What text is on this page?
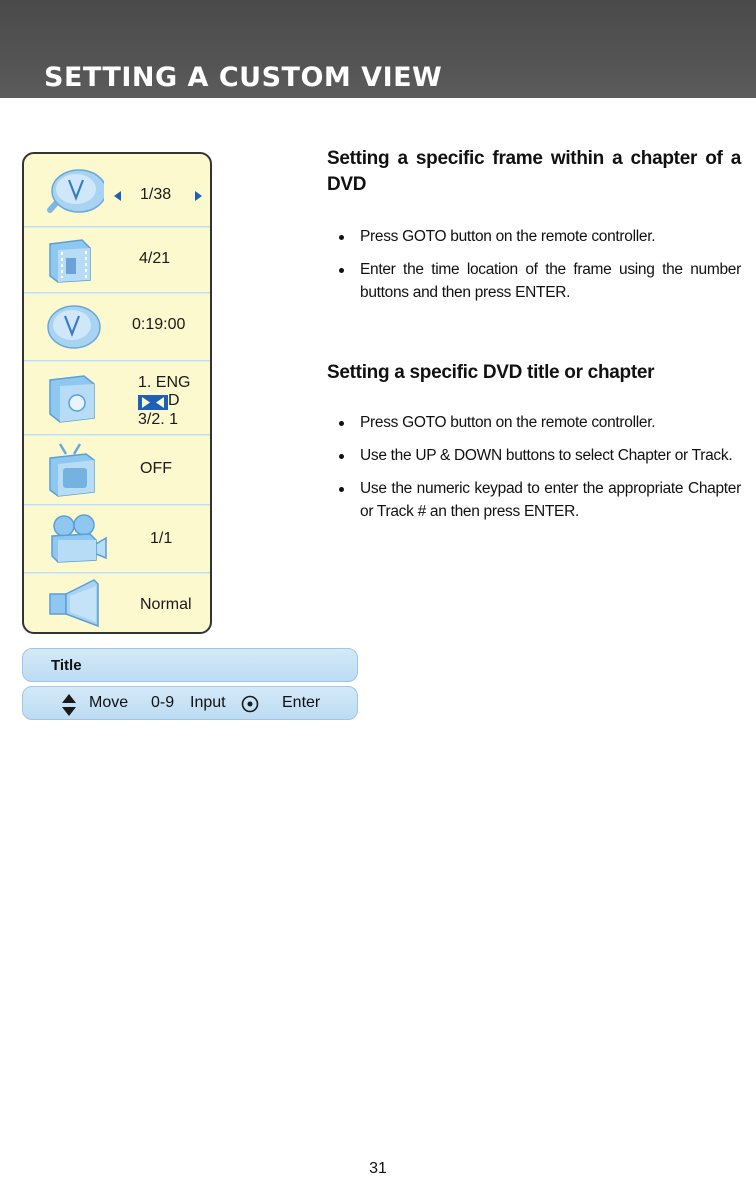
SETTING A CUSTOM VIEW
1/38
4/21
0:19:00
1. ENG
D
3/2. 1
OFF
1/1
Normal
Title
Move 0-9 Input	Enter
Setting a specific frame within a chapter of a DVD
Press GOTO button on the remote controller.
Enter the time location of the frame using the number buttons and then press ENTER.
Setting a specific DVD title or chapter
Press GOTO button on the remote controller.
Use the UP & DOWN buttons to select Chapter or Track.
Use the numeric keypad to enter the appropriate Chapter or Track # an then press ENTER.
31
